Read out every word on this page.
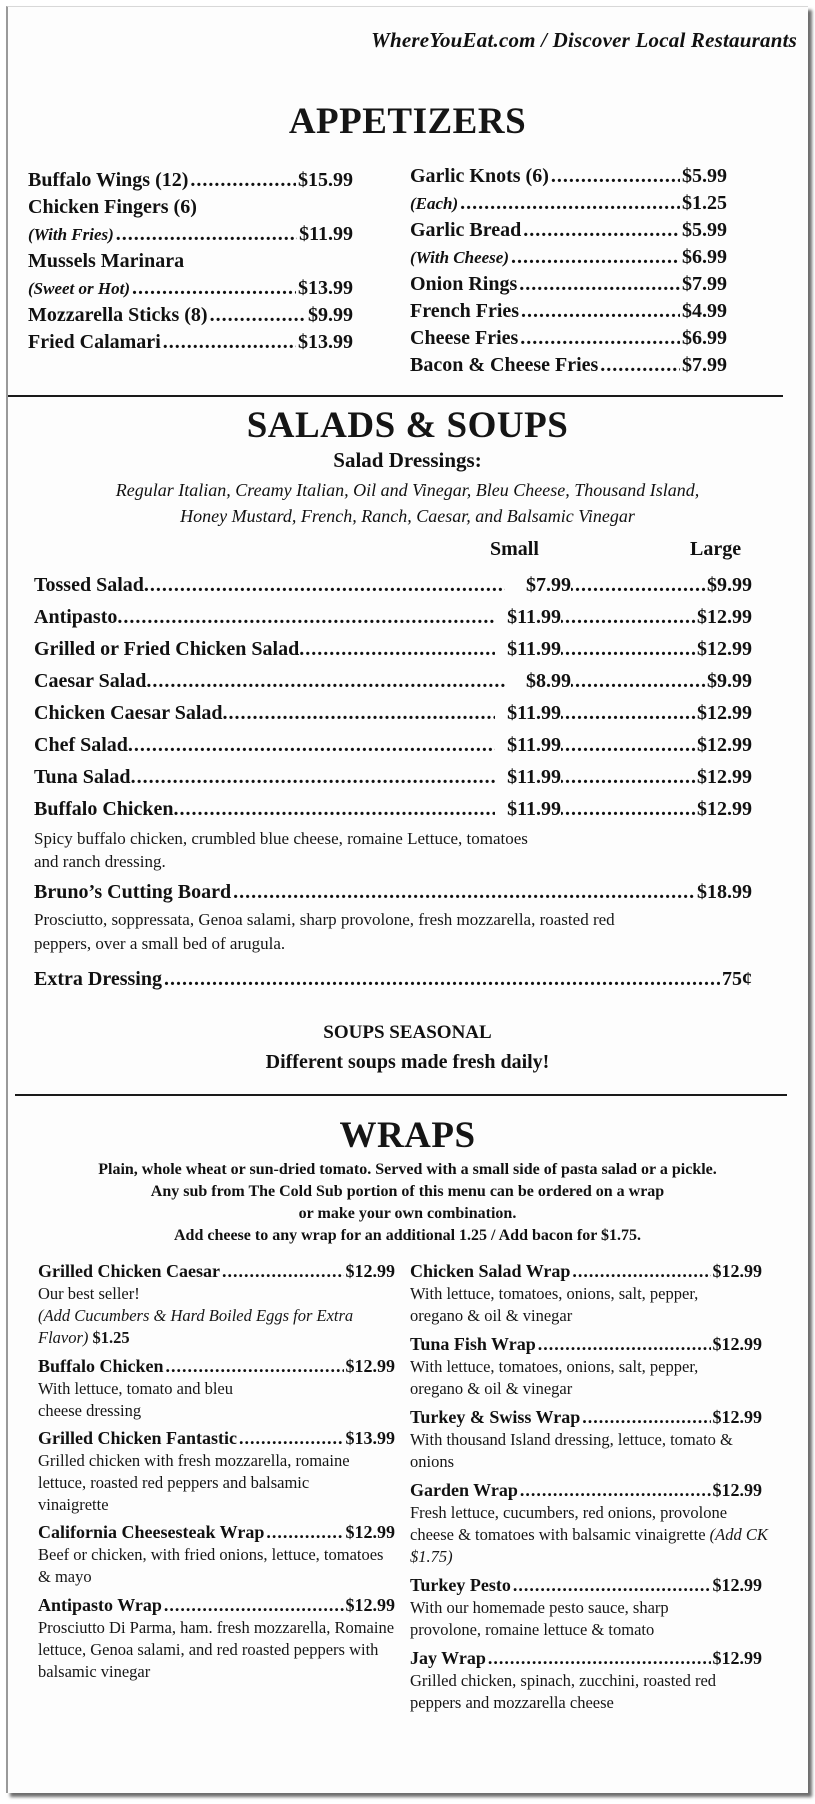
WhereYouEat.com / Discover Local Restaurants
APPETIZERS
Buffalo Wings (12) .....	$15.99
Chicken Fingers (6)
(With Fries) .....	$11.99
Mussels Marinara
(Sweet or Hot) .....	$13.99
Mozzarella Sticks (8) .....	$9.99
Fried Calamari .....	$13.99
Garlic Knots (6) .....	$5.99
(Each) .....	$1.25
Garlic Bread .....	$5.99
(With Cheese) .....	$6.99
Onion Rings .....	$7.99
French Fries .....	$4.99
Cheese Fries .....	$6.99
Bacon & Cheese Fries .....	$7.99
SALADS & SOUPS
Salad Dressings:
Regular Italian, Creamy Italian, Oil and Vinegar, Bleu Cheese, Thousand Island,
Honey Mustard, French, Ranch, Caesar, and Balsamic Vinegar
Small	Large
Tossed Salad .....	$7.99 .....	$9.99
Antipasto .....	$11.99 .....	$12.99
Grilled or Fried Chicken Salad .....	$11.99 .....	$12.99
Caesar Salad .....	$8.99 .....	$9.99
Chicken Caesar Salad .....	$11.99 .....	$12.99
Chef Salad .....	$11.99 .....	$12.99
Tuna Salad .....	$11.99 .....	$12.99
Buffalo Chicken .....	$11.99 .....	$12.99
Spicy buffalo chicken, crumbled blue cheese, romaine Lettuce, tomatoes
and ranch dressing.
Bruno’s Cutting Board .....	$18.99
Prosciutto, soppressata, Genoa salami, sharp provolone, fresh mozzarella, roasted red
peppers, over a small bed of arugula.
Extra Dressing .....	75¢
SOUPS SEASONAL
Different soups made fresh daily!
WRAPS
Plain, whole wheat or sun-dried tomato. Served with a small side of pasta salad or a pickle.
Any sub from The Cold Sub portion of this menu can be ordered on a wrap
or make your own combination.
Add cheese to any wrap for an additional 1.25 / Add bacon for $1.75.
Grilled Chicken Caesar .....	$12.99
Our best seller!
(Add Cucumbers & Hard Boiled Eggs for Extra Flavor) $1.25
Buffalo Chicken .....	$12.99
With lettuce, tomato and bleu cheese dressing
Grilled Chicken Fantastic .....	$13.99
Grilled chicken with fresh mozzarella, romaine lettuce, roasted red peppers and balsamic vinaigrette
California Cheesesteak Wrap .....	$12.99
Beef or chicken, with fried onions, lettuce, tomatoes & mayo
Antipasto Wrap .....	$12.99
Prosciutto Di Parma, ham. fresh mozzarella, Romaine lettuce, Genoa salami, and red roasted peppers with balsamic vinegar
Chicken Salad Wrap .....	$12.99
With lettuce, tomatoes, onions, salt, pepper, oregano & oil & vinegar
Tuna Fish Wrap .....	$12.99
With lettuce, tomatoes, onions, salt, pepper, oregano & oil & vinegar
Turkey & Swiss Wrap .....	$12.99
With thousand Island dressing, lettuce, tomato & onions
Garden Wrap .....	$12.99
Fresh lettuce, cucumbers, red onions, provolone cheese & tomatoes with balsamic vinaigrette (Add CK $1.75)
Turkey Pesto .....	$12.99
With our homemade pesto sauce, sharp provolone, romaine lettuce & tomato
Jay Wrap .....	$12.99
Grilled chicken, spinach, zucchini, roasted red peppers and mozzarella cheese
